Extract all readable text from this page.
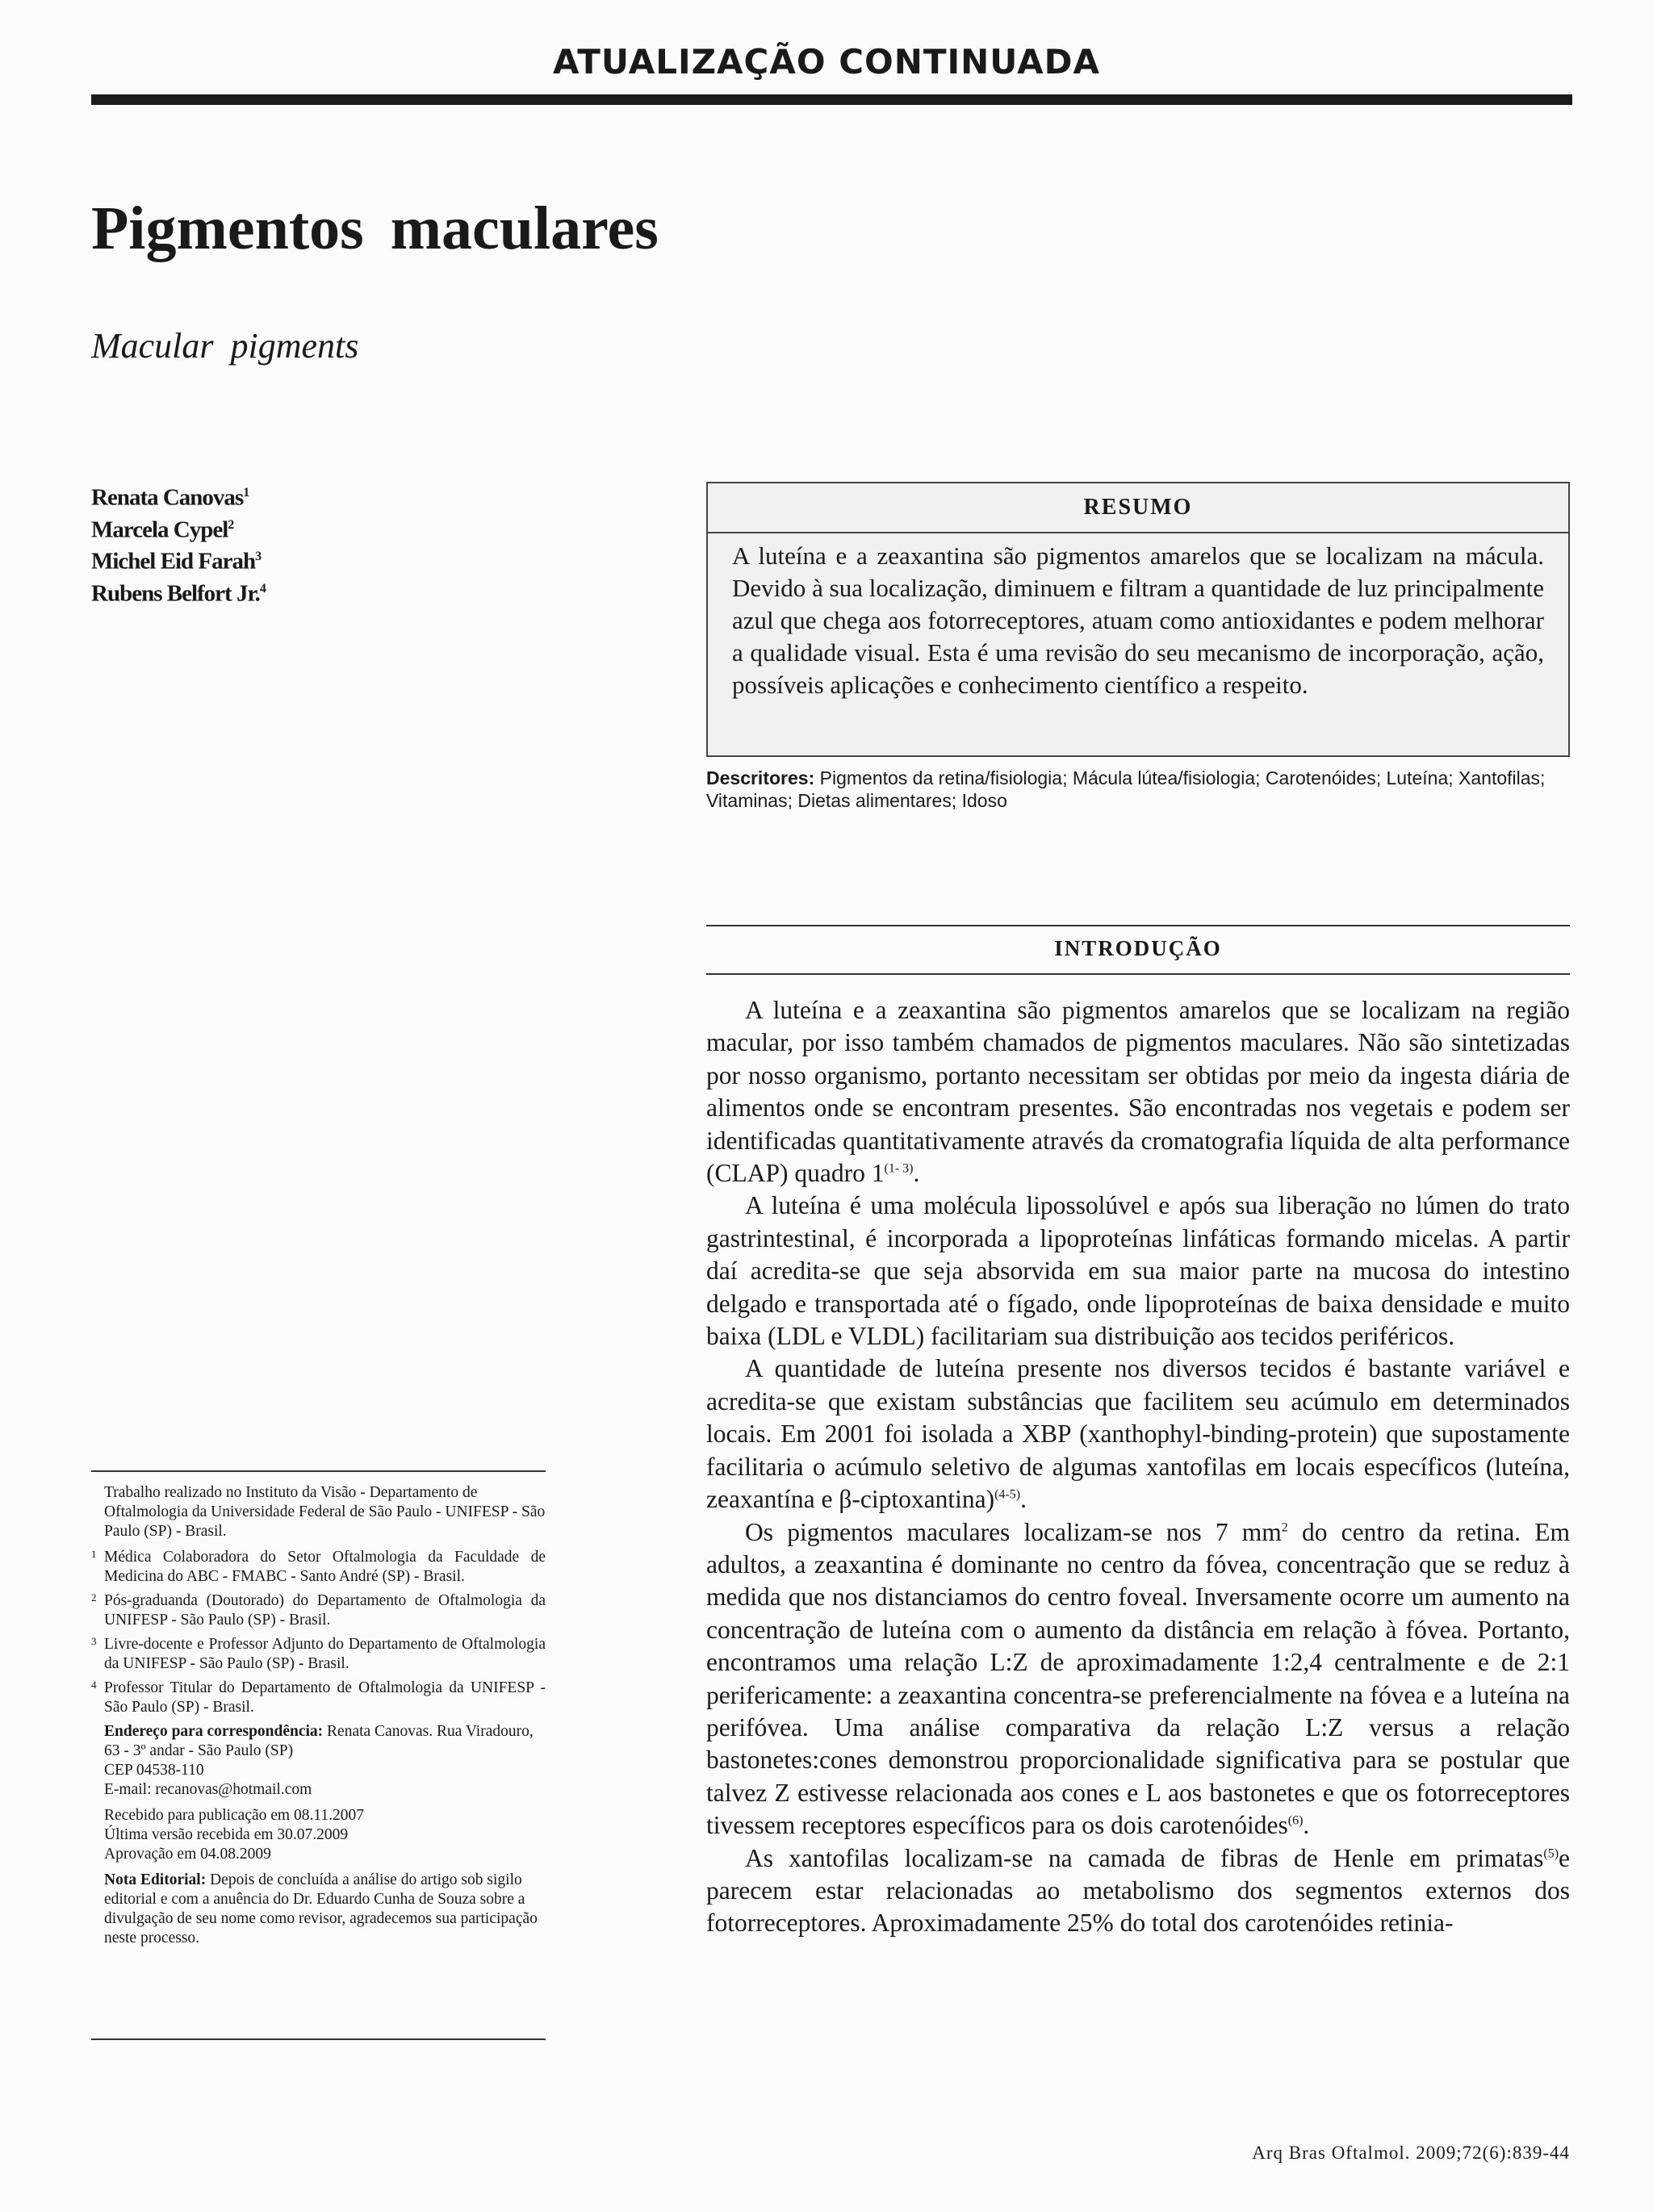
ATUALIZAÇÃO CONTINUADA
Pigmentos maculares
Macular pigments
Renata Canovas$^1$
Marcela Cypel$^2$
Michel Eid Farah$^3$
Rubens Belfort Jr.$^4$
RESUMO
A luteína e a zeaxantina são pigmentos amarelos que se localizam na mácula. Devido à sua localização, diminuem e filtram a quantidade de luz principalmente azul que chega aos fotorreceptores, atuam como antioxidantes e podem melhorar a qualidade visual. Esta é uma revisão do seu mecanismo de incorporação, ação, possíveis aplicações e conhecimento científico a respeito.
Descritores: Pigmentos da retina/fisiologia; Mácula lútea/fisiologia; Carotenóides; Luteína; Xantofilas; Vitaminas; Dietas alimentares; Idoso
INTRODUÇÃO

A luteína e a zeaxantina são pigmentos amarelos que se localizam na região macular, por isso também chamados de pigmentos maculares. Não são sintetizadas por nosso organismo, portanto necessitam ser obtidas por meio da ingesta diária de alimentos onde se encontram presentes. São encontradas nos vegetais e podem ser identificadas quantitativamente através da cromatografia líquida de alta performance (CLAP) quadro 1$^{(1- 3)}$.

A luteína é uma molécula lipossolúvel e após sua liberação no lúmen do trato gastrintestinal, é incorporada a lipoproteínas linfáticas formando micelas. A partir daí acredita-se que seja absorvida em sua maior parte na mucosa do intestino delgado e transportada até o fígado, onde lipoproteínas de baixa densidade e muito baixa (LDL e VLDL) facilitariam sua distribuição aos tecidos periféricos.

A quantidade de luteína presente nos diversos tecidos é bastante variável e acredita-se que existam substâncias que facilitem seu acúmulo em determinados locais. Em 2001 foi isolada a XBP (xanthophyl-binding-protein) que supostamente facilitaria o acúmulo seletivo de algumas xantofilas em locais específicos (luteína, zeaxantína e β-ciptoxantina)$^{(4-5)}$.

Os pigmentos maculares localizam-se nos 7 $mm^2$ do centro da retina. Em adultos, a zeaxantina é dominante no centro da fóvea, concentração que se reduz à medida que nos distanciamos do centro foveal. Inversamente ocorre um aumento na concentração de luteína com o aumento da distância em relação à fóvea. Portanto, encontramos uma relação L:Z de aproximadamente 1:2,4 centralmente e de 2:1 perifericamente: a zeaxantina concentra-se preferencialmente na fóvea e a luteína na perifóvea. Uma análise comparativa da relação L:Z versus a relação bastonetes:cones demonstrou proporcionalidade significativa para se postular que talvez Z estivesse relacionada aos cones e L aos bastonetes e que os fotorreceptores tivessem receptores específicos para os dois carotenóides$^{(6)}$.

As xantofilas localizam-se na camada de fibras de Henle em primatas$^{(5)}$e parecem estar relacionadas ao metabolismo dos segmentos externos dos fotorreceptores. Aproximadamente 25% do total dos carotenóides retinia-

Trabalho realizado no Instituto da Visão - Departamento de Oftalmologia da Universidade Federal de São Paulo - UNIFESP - São Paulo (SP) - Brasil.
1 Médica Colaboradora do Setor Oftalmologia da Faculdade de Medicina do ABC - FMABC - Santo André (SP) - Brasil.
2 Pós-graduanda (Doutorado) do Departamento de Oftalmologia da UNIFESP - São Paulo (SP) - Brasil.
3 Livre-docente e Professor Adjunto do Departamento de Oftalmologia da UNIFESP - São Paulo (SP) - Brasil.
4 Professor Titular do Departamento de Oftalmologia da UNIFESP - São Paulo (SP) - Brasil.

Endereço para correspondência: Renata Canovas. Rua Viradouro, 63 - 3º andar - São Paulo (SP)

CEP 04538-110

E-mail: recanovas@hotmail.com

Recebido para publicação em 08.11.2007

Última versão recebida em 30.07.2009

Aprovação em 04.08.2009

Nota Editorial: Depois de concluída a análise do artigo sob sigilo editorial e com a anuência do Dr. Eduardo Cunha de Souza sobre a divulgação de seu nome como revisor, agradecemos sua participação neste processo.

Arq Bras Oftalmol. 2009;72(6):839-44
